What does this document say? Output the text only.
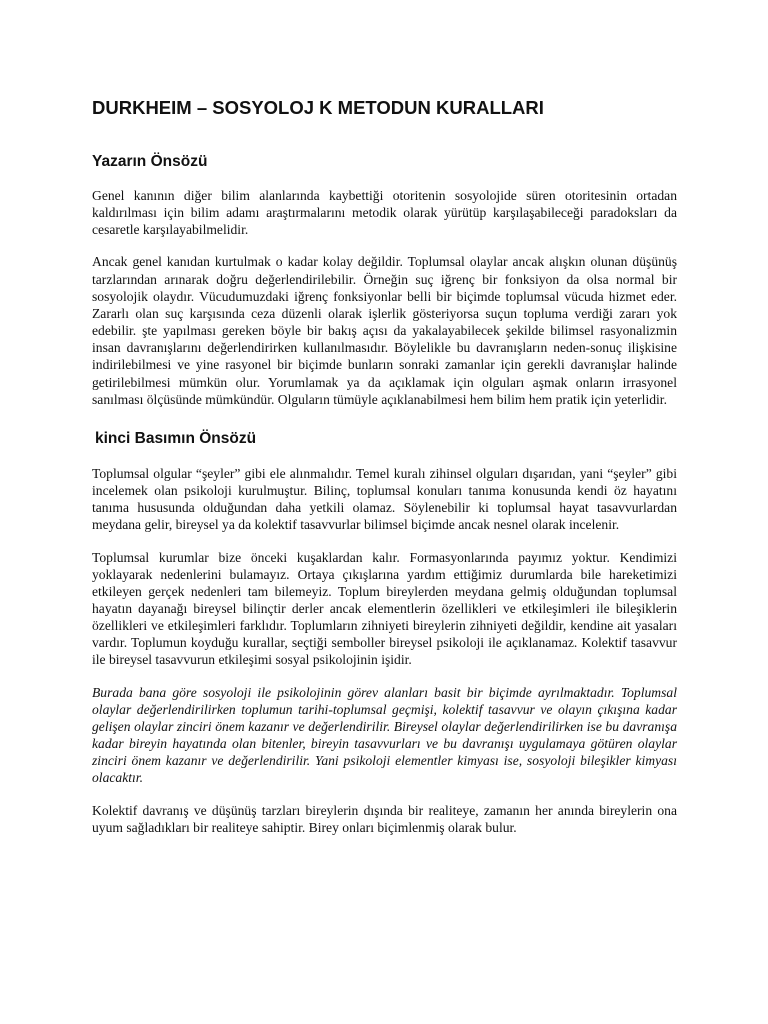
DURKHEIM – SOSYOLOJ K METODUN KURALLARI
Yazarın Önsözü

Genel kanının diğer bilim alanlarında kaybettiği otoritenin sosyolojide süren otoritesinin ortadan kaldırılması için bilim adamı araştırmalarını metodik olarak yürütüp karşılaşabileceği paradoksları da cesaretle karşılayabilmelidir.

Ancak genel kanıdan kurtulmak o kadar kolay değildir. Toplumsal olaylar ancak alışkın olunan düşünüş tarzlarından arınarak doğru değerlendirilebilir. Örneğin suç iğrenç bir fonksiyon da olsa normal bir sosyolojik olaydır. Vücudumuzdaki iğrenç fonksiyonlar belli bir biçimde toplumsal vücuda hizmet eder. Zararlı olan suç karşısında ceza düzenli olarak işlerlik gösteriyorsa suçun topluma verdiği zararı yok edebilir. şte yapılması gereken böyle bir bakış açısı da yakalayabilecek şekilde bilimsel rasyonalizmin insan davranışlarını değerlendirirken kullanılmasıdır. Böylelikle bu davranışların neden-sonuç ilişkisine indirilebilmesi ve yine rasyonel bir biçimde bunların sonraki zamanlar için gerekli davranışlar halinde getirilebilmesi mümkün olur. Yorumlamak ya da açıklamak için olguları aşmak onların irrasyonel sanılması ölçüsünde mümkündür. Olguların tümüyle açıklanabilmesi hem bilim hem pratik için yeterlidir.

kinci Basımın Önsözü

Toplumsal olgular “şeyler” gibi ele alınmalıdır. Temel kuralı zihinsel olguları dışarıdan, yani “şeyler” gibi incelemek olan psikoloji kurulmuştur. Bilinç, toplumsal konuları tanıma konusunda kendi öz hayatını tanıma hususunda olduğundan daha yetkili olamaz. Söylenebilir ki toplumsal hayat tasavvurlardan meydana gelir, bireysel ya da kolektif tasavvurlar bilimsel biçimde ancak nesnel olarak incelenir.

Toplumsal kurumlar bize önceki kuşaklardan kalır. Formasyonlarında payımız yoktur. Kendimizi yoklayarak nedenlerini bulamayız. Ortaya çıkışlarına yardım ettiğimiz durumlarda bile hareketimizi etkileyen gerçek nedenleri tam bilemeyiz. Toplum bireylerden meydana gelmiş olduğundan toplumsal hayatın dayanağı bireysel bilinçtir derler ancak elementlerin özellikleri ve etkileşimleri ile bileşiklerin özellikleri ve etkileşimleri farklıdır. Toplumların zihniyeti bireylerin zihniyeti değildir, kendine ait yasaları vardır. Toplumun koyduğu kurallar, seçtiği semboller bireysel psikoloji ile açıklanamaz. Kolektif tasavvur ile bireysel tasavvurun etkileşimi sosyal psikolojinin işidir.

Burada bana göre sosyoloji ile psikolojinin görev alanları basit bir biçimde ayrılmaktadır. Toplumsal olaylar değerlendirilirken toplumun tarihi-toplumsal geçmişi, kolektif tasavvur ve olayın çıkışına kadar gelişen olaylar zinciri önem kazanır ve değerlendirilir. Bireysel olaylar değerlendirilirken ise bu davranışa kadar bireyin hayatında olan bitenler, bireyin tasavvurları ve bu davranışı uygulamaya götüren olaylar zinciri önem kazanır ve değerlendirilir. Yani psikoloji elementler kimyası ise, sosyoloji bileşikler kimyası olacaktır.

Kolektif davranış ve düşünüş tarzları bireylerin dışında bir realiteye, zamanın her anında bireylerin ona uyum sağladıkları bir realiteye sahiptir. Birey onları biçimlenmiş olarak bulur.
